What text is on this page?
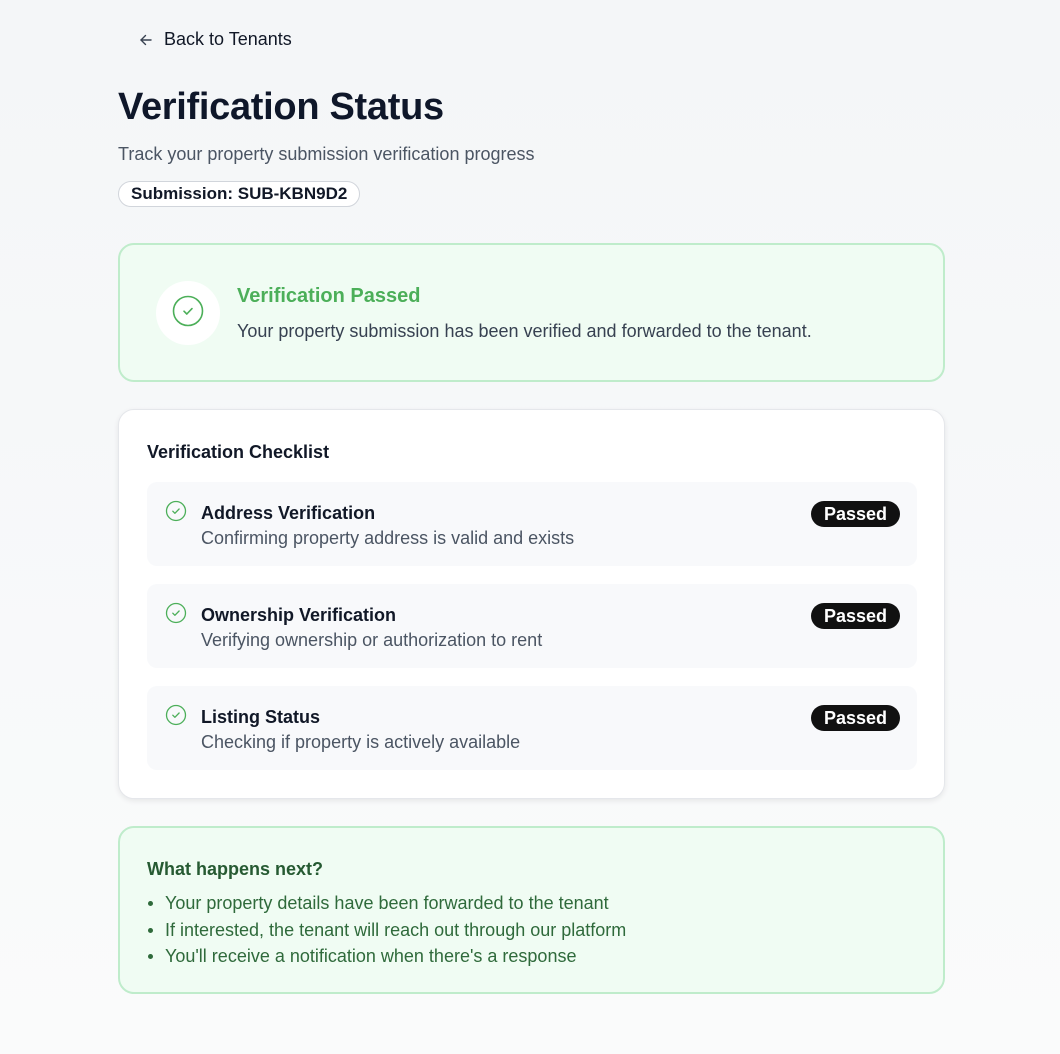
Back to Tenants
Verification Status

Track your property submission verification progress

Submission: SUB-KBN9D2
Verification Passed
Your property submission has been verified and forwarded to the tenant.
Verification Checklist
Address Verification
Confirming property address is valid and exists
Passed
Ownership Verification
Verifying ownership or authorization to rent
Passed
Listing Status
Checking if property is actively available
Passed
What happens next?
Your property details have been forwarded to the tenant
If interested, the tenant will reach out through our platform
You'll receive a notification when there's a response
